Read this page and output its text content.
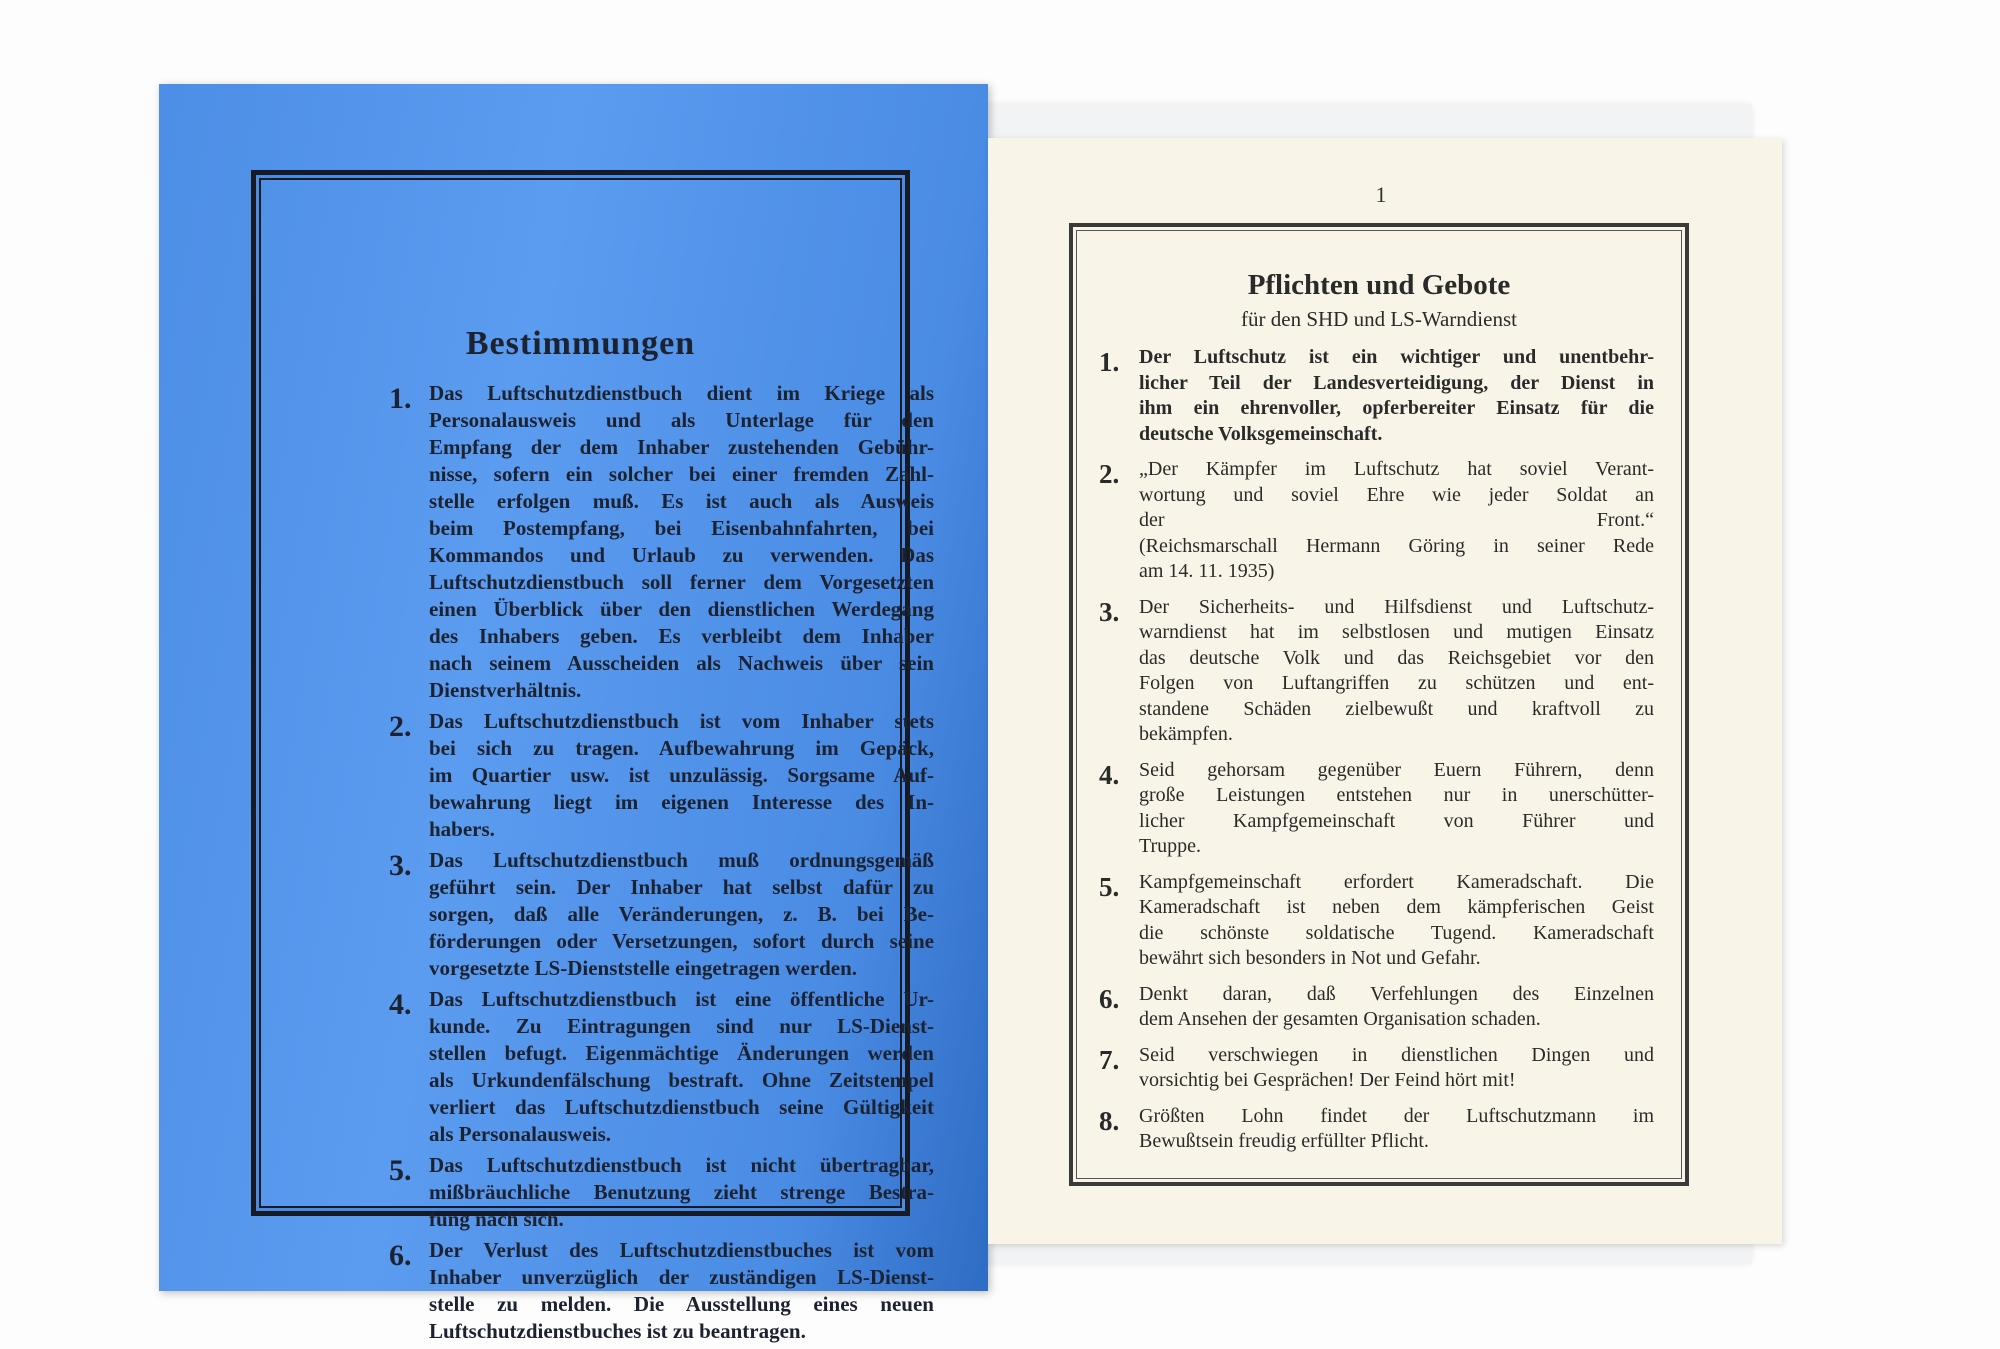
Bestimmungen
1. Das Luftschutzdienstbuch dient im Kriege als
Personalausweis und als Unterlage für den
Empfang der dem Inhaber zustehenden Gebühr-
nisse, sofern ein solcher bei einer fremden Zahl-
stelle erfolgen muß. Es ist auch als Ausweis
beim Postempfang, bei Eisenbahnfahrten, bei
Kommandos und Urlaub zu verwenden. Das
Luftschutzdienstbuch soll ferner dem Vorgesetzten
einen Überblick über den dienstlichen Werdegang
des Inhabers geben. Es verbleibt dem Inhaber
nach seinem Ausscheiden als Nachweis über sein
Dienstverhältnis.
2. Das Luftschutzdienstbuch ist vom Inhaber stets
bei sich zu tragen. Aufbewahrung im Gepäck,
im Quartier usw. ist unzulässig. Sorgsame Auf-
bewahrung liegt im eigenen Interesse des In-
habers.
3. Das Luftschutzdienstbuch muß ordnungsgemäß
geführt sein. Der Inhaber hat selbst dafür zu
sorgen, daß alle Veränderungen, z. B. bei Be-
förderungen oder Versetzungen, sofort durch seine
vorgesetzte LS-Dienststelle eingetragen werden.
4. Das Luftschutzdienstbuch ist eine öffentliche Ur-
kunde. Zu Eintragungen sind nur LS-Dienst-
stellen befugt. Eigenmächtige Änderungen werden
als Urkundenfälschung bestraft. Ohne Zeitstempel
verliert das Luftschutzdienstbuch seine Gültigkeit
als Personalausweis.
5. Das Luftschutzdienstbuch ist nicht übertragbar,
mißbräuchliche Benutzung zieht strenge Bestra-
fung nach sich.
6. Der Verlust des Luftschutzdienstbuches ist vom
Inhaber unverzüglich der zuständigen LS-Dienst-
stelle zu melden. Die Ausstellung eines neuen
Luftschutzdienstbuches ist zu beantragen.
1
Pflichten und Gebote
für den SHD und LS-Warndienst
1. Der Luftschutz ist ein wichtiger und unentbehr-
licher Teil der Landesverteidigung, der Dienst in
ihm ein ehrenvoller, opferbereiter Einsatz für die
deutsche Volksgemeinschaft.
2. „Der Kämpfer im Luftschutz hat soviel Verant-
wortung und soviel Ehre wie jeder Soldat an
der Front.“
(Reichsmarschall Hermann Göring in seiner Rede
am 14. 11. 1935)
3. Der Sicherheits- und Hilfsdienst und Luftschutz-
warndienst hat im selbstlosen und mutigen Einsatz
das deutsche Volk und das Reichsgebiet vor den
Folgen von Luftangriffen zu schützen und ent-
standene Schäden zielbewußt und kraftvoll zu
bekämpfen.
4. Seid gehorsam gegenüber Euern Führern, denn
große Leistungen entstehen nur in unerschütter-
licher Kampfgemeinschaft von Führer und
Truppe.
5. Kampfgemeinschaft erfordert Kameradschaft. Die
Kameradschaft ist neben dem kämpferischen Geist
die schönste soldatische Tugend. Kameradschaft
bewährt sich besonders in Not und Gefahr.
6. Denkt daran, daß Verfehlungen des Einzelnen
dem Ansehen der gesamten Organisation schaden.
7. Seid verschwiegen in dienstlichen Dingen und
vorsichtig bei Gesprächen! Der Feind hört mit!
8. Größten Lohn findet der Luftschutzmann im
Bewußtsein freudig erfüllter Pflicht.
